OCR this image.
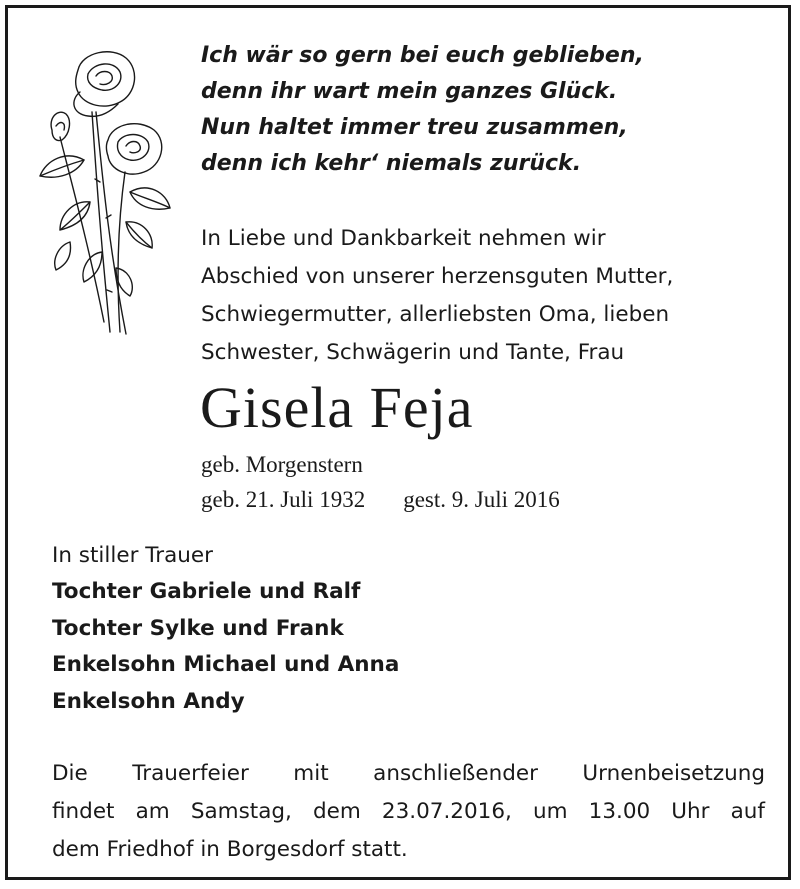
Ich wär so gern bei euch geblieben,
denn ihr wart mein ganzes Glück.
Nun haltet immer treu zusammen,
denn ich kehr‘ niemals zurück.
In Liebe und Dankbarkeit nehmen wir
Abschied von unserer herzensguten Mutter,
Schwiegermutter, allerliebsten Oma, lieben
Schwester, Schwägerin und Tante, Frau
Gisela Feja
geb. Morgenstern
geb. 21. Juli 1932 gest. 9. Juli 2016
In stiller Trauer
Tochter Gabriele und Ralf
Tochter Sylke und Frank
Enkelsohn Michael und Anna
Enkelsohn Andy
Die Trauerfeier mit anschließender Urnenbeisetzung
findet am Samstag, dem 23.07.2016, um 13.00 Uhr auf
dem Friedhof in Borgesdorf statt.
